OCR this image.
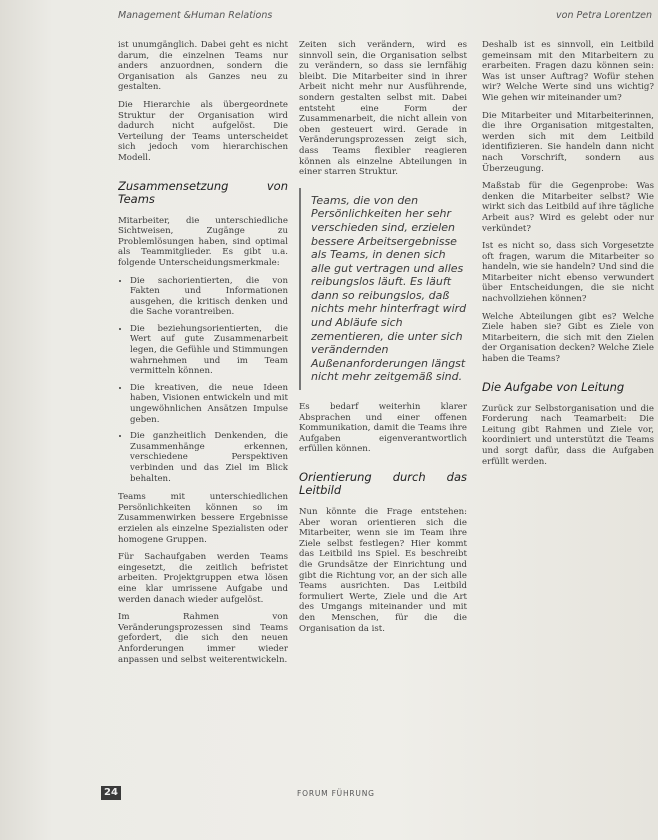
Management &Human Relations	von Petra Lorentzen

ist unumgänglich. Dabei geht es nicht darum, die einzelnen Teams nur anders anzuordnen, sondern die Organisation als Ganzes neu zu gestalten.

Die Hierarchie als übergeordnete Struktur der Organisation wird dadurch nicht aufgelöst. Die Verteilung der Teams unterscheidet sich jedoch vom hierarchischen Modell.

Zusammensetzung von Teams

Mitarbeiter, die unterschiedliche Sichtweisen, Zugänge zu Problemlösungen haben, sind optimal als Teammitglieder. Es gibt u.a. folgende Unterscheidungsmerkmale:

• Die sachorientierten, die von Fakten und Informationen ausgehen, die kritisch denken und die Sache vorantreiben.
• Die beziehungsorientierten, die Wert auf gute Zusammenarbeit legen, die Gefühle und Stimmungen wahrnehmen und im Team vermitteln können.
• Die kreativen, die neue Ideen haben, Visionen entwickeln und mit ungewöhnlichen Ansätzen Impulse geben.
• Die ganzheitlich Denkenden, die Zusammenhänge erkennen, verschiedene Perspektiven verbinden und das Ziel im Blick behalten.

Teams mit unterschiedlichen Persönlichkeiten können so im Zusammenwirken bessere Ergebnisse erzielen als einzelne Spezialisten oder homogene Gruppen.

Für Sachaufgaben werden Teams eingesetzt, die zeitlich befristet arbeiten. Projektgruppen etwa lösen eine klar umrissene Aufgabe und werden danach wieder aufgelöst.

Im Rahmen von Veränderungsprozessen sind Teams gefordert, die sich den neuen Anforderungen immer wieder anpassen und selbst weiterentwickeln.

Zeiten sich verändern, wird es sinnvoll sein, die Organisation selbst zu verändern, so dass sie lernfähig bleibt. Die Mitarbeiter sind in ihrer Arbeit nicht mehr nur Ausführende, sondern gestalten selbst mit. Dabei entsteht eine Form der Zusammenarbeit, die nicht allein von oben gesteuert wird. Gerade in Veränderungsprozessen zeigt sich, dass Teams flexibler reagieren können als einzelne Abteilungen in einer starren Struktur.

Teams, die von den Persönlichkeiten her sehr verschieden sind, erzielen bessere Arbeitsergebnisse als Teams, in denen sich alle gut vertragen und alles reibungslos läuft. Es läuft dann so reibungslos, daß nichts mehr hinterfragt wird und Abläufe sich zementieren, die unter sich verändernden Außenanforderungen längst nicht mehr zeitgemäß sind.

Es bedarf weiterhin klarer Absprachen und einer offenen Kommunikation, damit die Teams ihre Aufgaben eigenverantwortlich erfüllen können.

Orientierung durch das Leitbild

Nun könnte die Frage entstehen: Aber woran orientieren sich die Mitarbeiter, wenn sie im Team ihre Ziele selbst festlegen? Hier kommt das Leitbild ins Spiel. Es beschreibt die Grundsätze der Einrichtung und gibt die Richtung vor, an der sich alle Teams ausrichten. Das Leitbild formuliert Werte, Ziele und die Art des Umgangs miteinander und mit den Menschen, für die die Organisation da ist.

Deshalb ist es sinnvoll, ein Leitbild gemeinsam mit den Mitarbeitern zu erarbeiten. Fragen dazu können sein: Was ist unser Auftrag? Wofür stehen wir? Welche Werte sind uns wichtig? Wie gehen wir miteinander um?

Die Mitarbeiter und Mitarbeiterinnen, die ihre Organisation mitgestalten, werden sich mit dem Leitbild identifizieren. Sie handeln dann nicht nach Vorschrift, sondern aus Überzeugung.

Maßstab für die Gegenprobe: Was denken die Mitarbeiter selbst? Wie wirkt sich das Leitbild auf ihre tägliche Arbeit aus? Wird es gelebt oder nur verkündet?

Ist es nicht so, dass sich Vorgesetzte oft fragen, warum die Mitarbeiter so handeln, wie sie handeln? Und sind die Mitarbeiter nicht ebenso verwundert über Entscheidungen, die sie nicht nachvollziehen können?

Welche Abteilungen gibt es? Welche Ziele haben sie? Gibt es Ziele von Mitarbeitern, die sich mit den Zielen der Organisation decken? Welche Ziele haben die Teams?

Die Aufgabe von Leitung

Zurück zur Selbstorganisation und die Forderung nach Teamarbeit: Die Leitung gibt Rahmen und Ziele vor, koordiniert und unterstützt die Teams und sorgt dafür, dass die Aufgaben erfüllt werden.

24	FORUM FÜHRUNG
